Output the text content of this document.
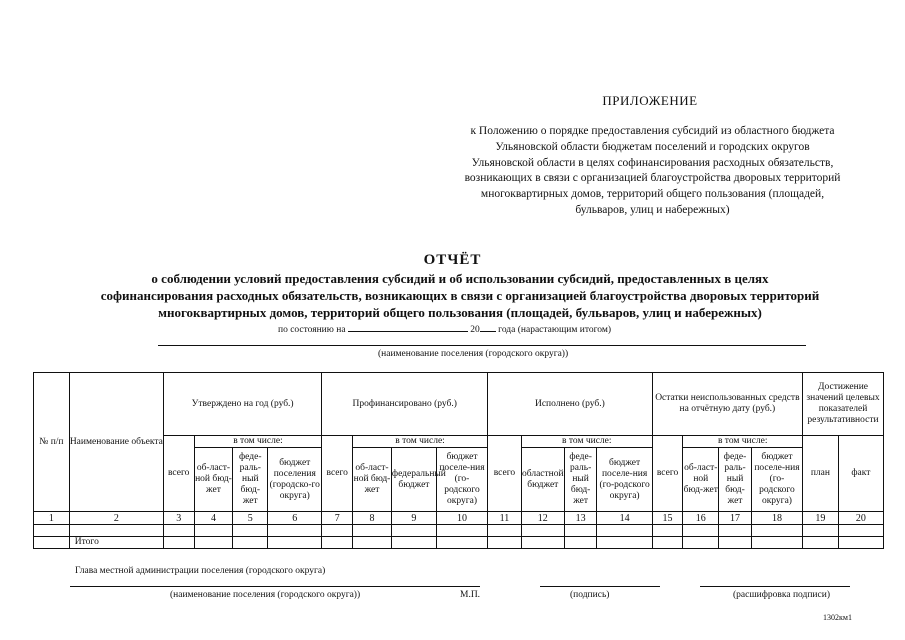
ПРИЛОЖЕНИЕ
к Положению о порядке предоставления субсидий из областного бюджета
Ульяновской области бюджетам поселений и городских округов
Ульяновской области в целях софинансирования расходных обязательств,
возникающих в связи с организацией благоустройства дворовых территорий
многоквартирных домов, территорий общего пользования (площадей,
бульваров, улиц и набережных)
ОТЧЁТ
о соблюдении условий предоставления субсидий и об использовании субсидий, предоставленных в целях
софинансирования расходных обязательств, возникающих в связи с организацией благоустройства дворовых территорий
многоквартирных домов, территорий общего пользования (площадей, бульваров, улиц и набережных)
по состоянию на	20 года (нарастающим итогом)
(наименование поселения (городского округа))
№ п/п	Наименование объекта	Утверждено на год (руб.)				Профинансировано (руб.)				Исполнено (руб.)				Остатки неиспользованных средств на отчётную дату (руб.)				Достижение значений целевых показателей результативности	
		всего	в том числе:			всего	в том числе:			всего	в том числе:			всего	в том числе:			план	факт
			об-ласт-ной бюд-жет	феде-раль-ный бюд-жет	бюджет поселения (городско-го округа)		об-ласт-ной бюд-жет	федеральный бюджет	бюджет поселе-ния (го-родского округа)		областной бюджет	феде-раль-ный бюд-жет	бюджет поселе-ния (го-родского округа)		об-ласт-ной бюд-жет	феде-раль-ный бюд-жет	бюджет поселе-ния (го-родского округа)		
1	2	3	4	5	6	7	8	9	10	11	12	13	14	15	16	17	18	19	20

	Итого																		
Глава местной администрации поселения (городского округа)
(наименование поселения (городского округа))	М.П.	(подпись)	(расшифровка подписи)
1302км1
